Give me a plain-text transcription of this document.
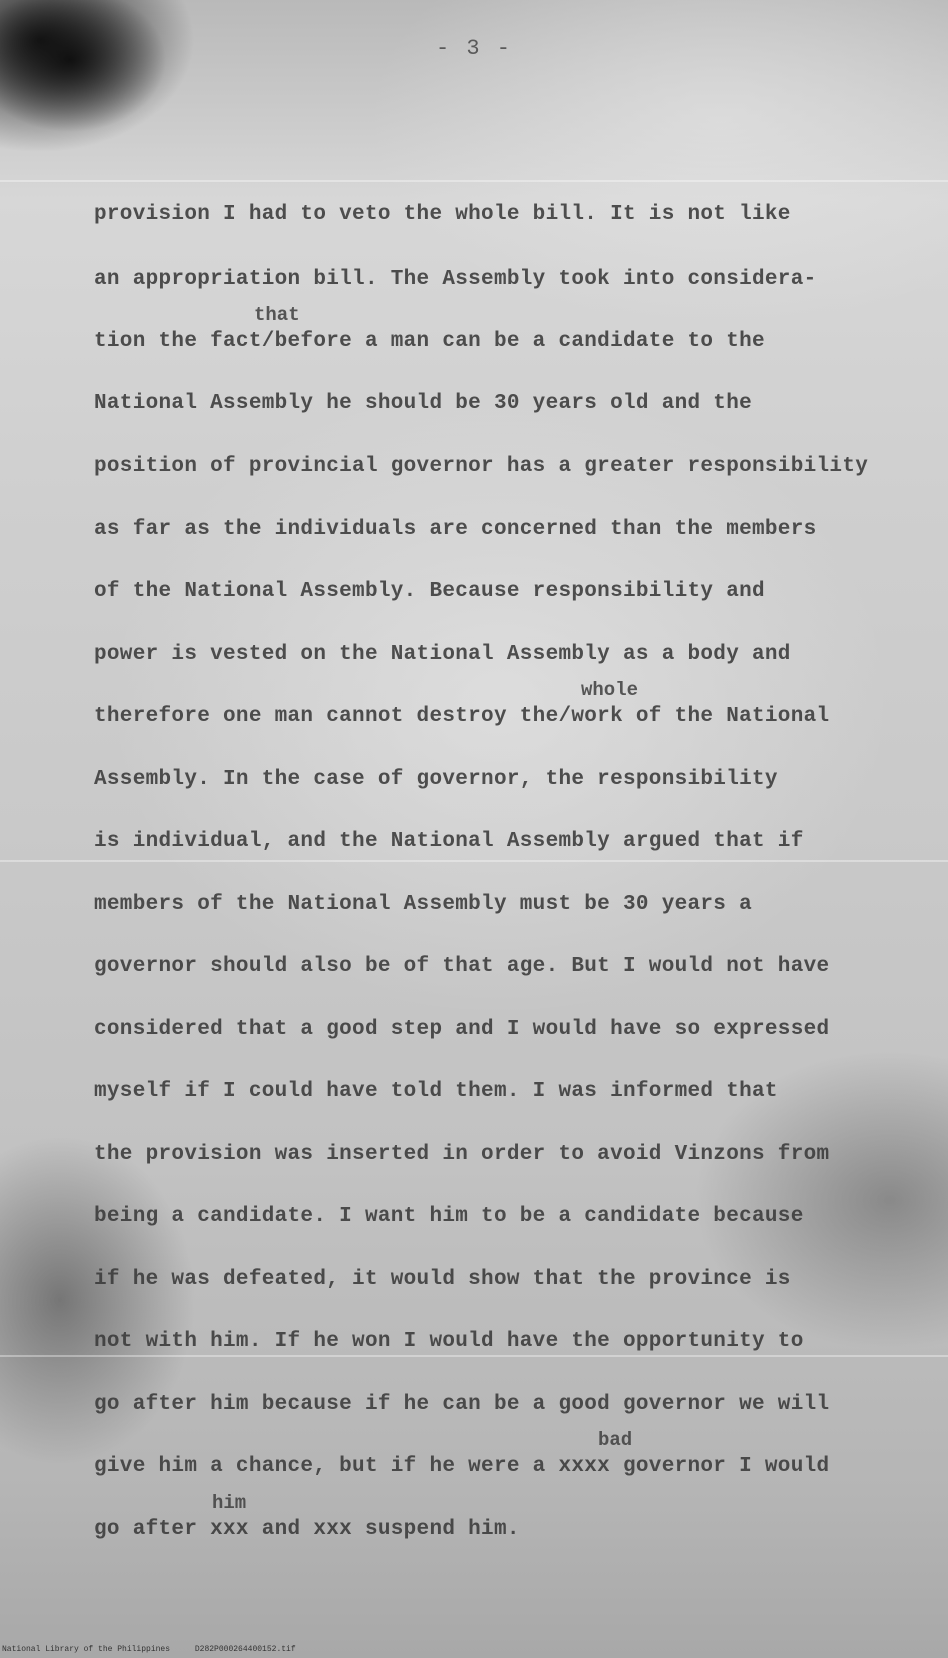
- 3 -
provision I had to veto the whole bill. It is not like
an appropriation bill. The Assembly took into considera-
that
tion the fact/before a man can be a candidate to the
National Assembly he should be 30 years old and the
position of provincial governor has a greater responsibility
as far as the individuals are concerned than the members
of the National Assembly. Because responsibility and
power is vested on the National Assembly as a body and
whole
therefore one man cannot destroy the/work of the National
Assembly. In the case of governor, the responsibility
is individual, and the National Assembly argued that if
members of the National Assembly must be 30 years a
governor should also be of that age. But I would not have
considered that a good step and I would have so expressed
myself if I could have told them. I was informed that
the provision was inserted in order to avoid Vinzons from
being a candidate. I want him to be a candidate because
if he was defeated, it would show that the province is
not with him. If he won I would have the opportunity to
go after him because if he can be a good governor we will
bad
give him a chance, but if he were a xxxx governor I would
him
go after xxx and xxx suspend him.
National Library of the Philippines	D282P000264400152.tif
